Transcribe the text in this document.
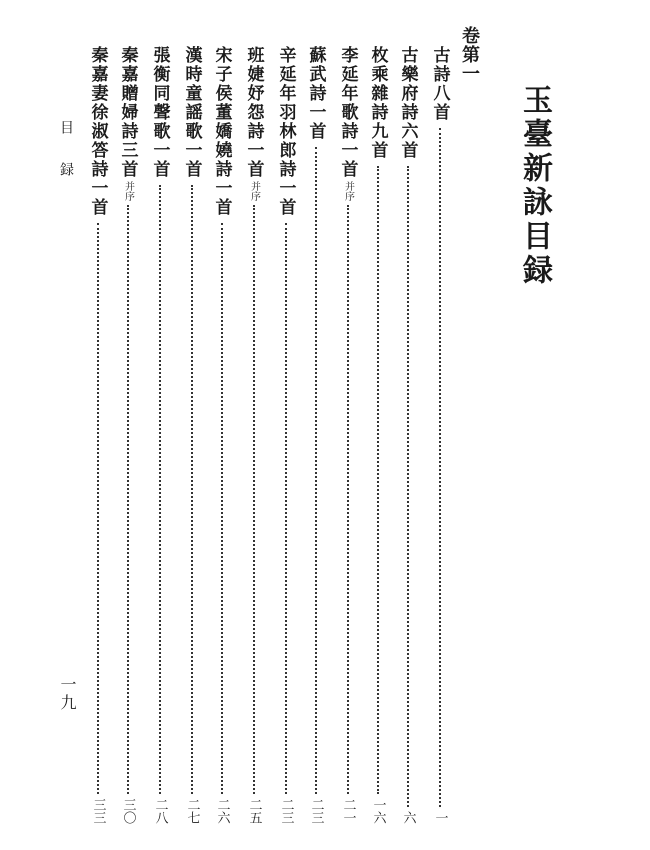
玉臺新詠目録
卷第一
古詩八首
一
古樂府詩六首
六
枚乘雜詩九首
一六
李延年歌詩一首
并序
二一
蘇武詩一首
二三
辛延年羽林郎詩一首
二三
班婕妤怨詩一首
并序
二五
宋子侯董嬌嬈詩一首
二六
漢時童謡歌一首
二七
張衡同聲歌一首
二八
秦嘉贈婦詩三首
并序
三〇
秦嘉妻徐淑答詩一首
三三
目録
一九
